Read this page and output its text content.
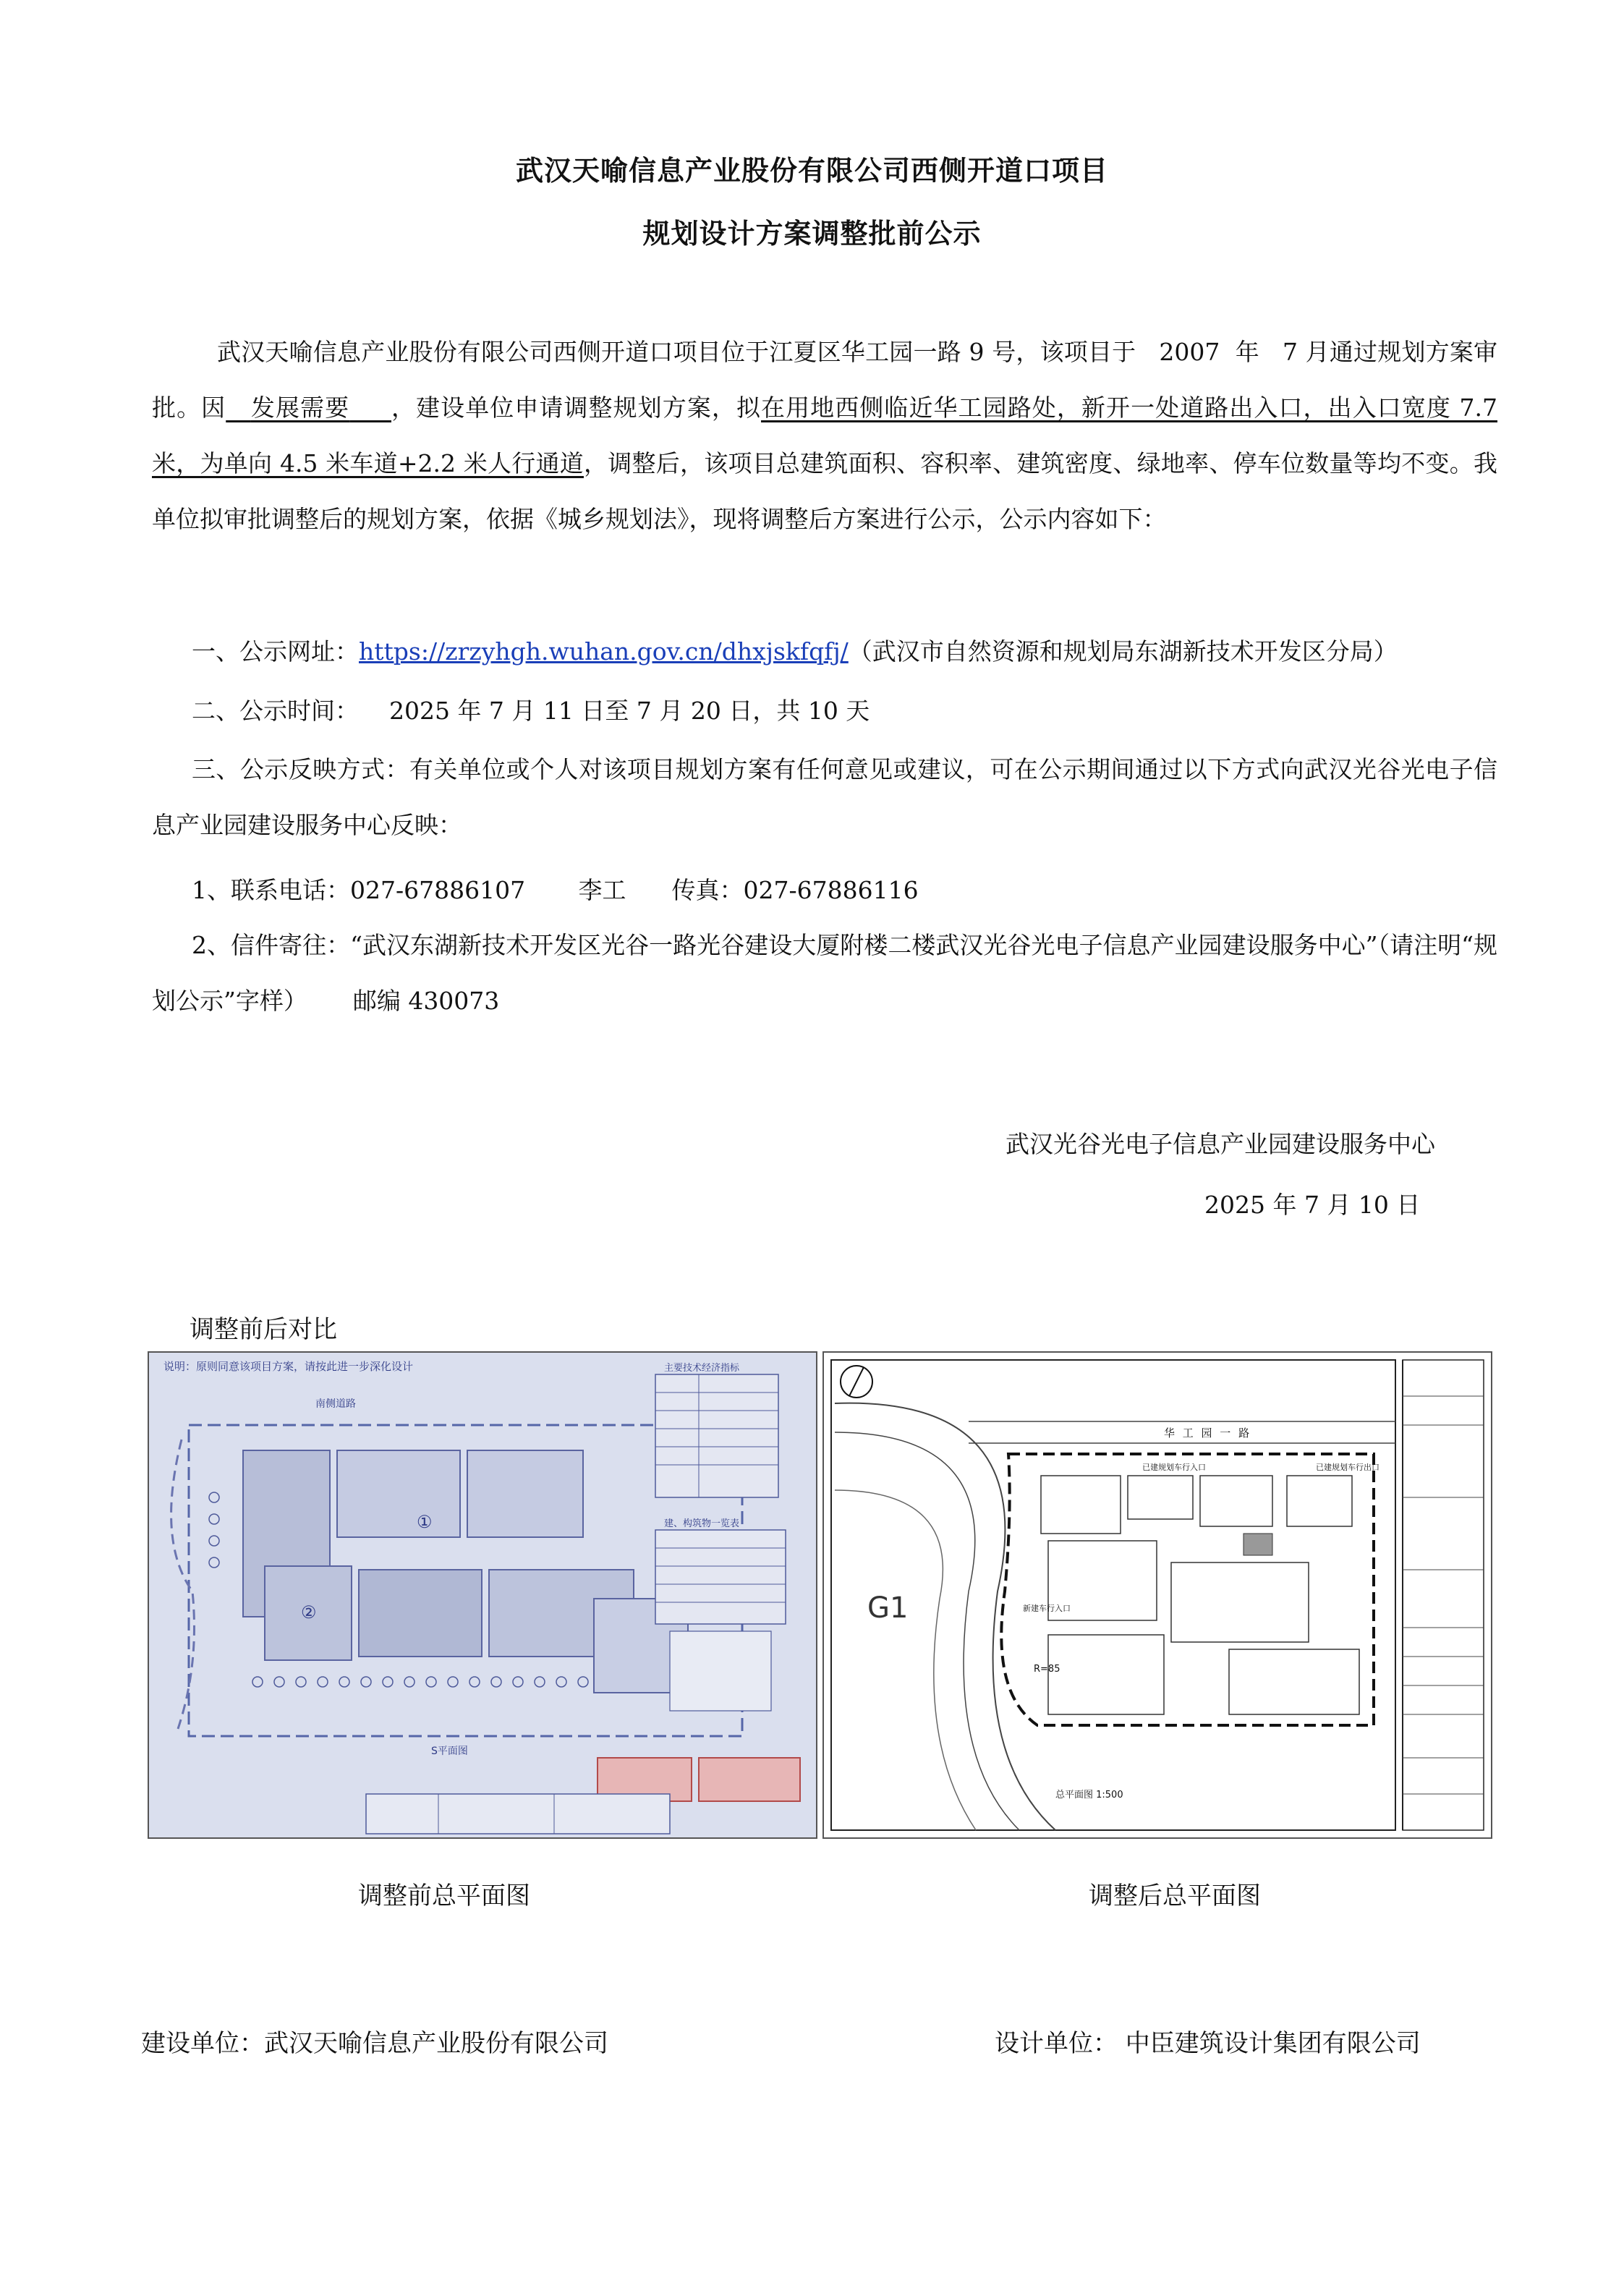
武汉天喻信息产业股份有限公司西侧开道口项目
规划设计方案调整批前公示
武汉天喻信息产业股份有限公司西侧开道口项目位于江夏区华工园一路 9 号，该项目于 2007 年 7 月通过规划方案审批。因 发展需要 ，建设单位申请调整规划方案，拟在用地西侧临近华工园路处，新开一处道路出入口，出入口宽度 7.7 米，为单向 4.5 米车道+2.2 米人行通道，调整后，该项目总建筑面积、容积率、建筑密度、绿地率、停车位数量等均不变。我单位拟审批调整后的规划方案，依据《城乡规划法》，现将调整后方案进行公示，公示内容如下：
一、公示网址：https://zrzyhgh.wuhan.gov.cn/dhxjskfqfj/（武汉市自然资源和规划局东湖新技术开发区分局）
二、公示时间： 2025 年 7 月 11 日至 7 月 20 日，共 10 天
三、公示反映方式：有关单位或个人对该项目规划方案有任何意见或建议，可在公示期间通过以下方式向武汉光谷光电子信息产业园建设服务中心反映：
1、联系电话：027-67886107 李工 传真：027-67886116
2、信件寄往：“武汉东湖新技术开发区光谷一路光谷建设大厦附楼二楼武汉光谷光电子信息产业园建设服务中心”（请注明“规划公示”字样） 邮编 430073
武汉光谷光电子信息产业园建设服务中心
2025 年 7 月 10 日
调整前后对比
说明：原则同意该项目方案，请按此进一步深化设计
南侧道路
主要技术经济指标
建、构筑物一览表
S平面图
①
②
华 工 园 一 路
G1	新建车行入口
已建规划车行入口	已建规划车行出口
R=85
总平面图 1:500
调整前总平面图	调整后总平面图
建设单位：武汉天喻信息产业股份有限公司	设计单位： 中臣建筑设计集团有限公司
